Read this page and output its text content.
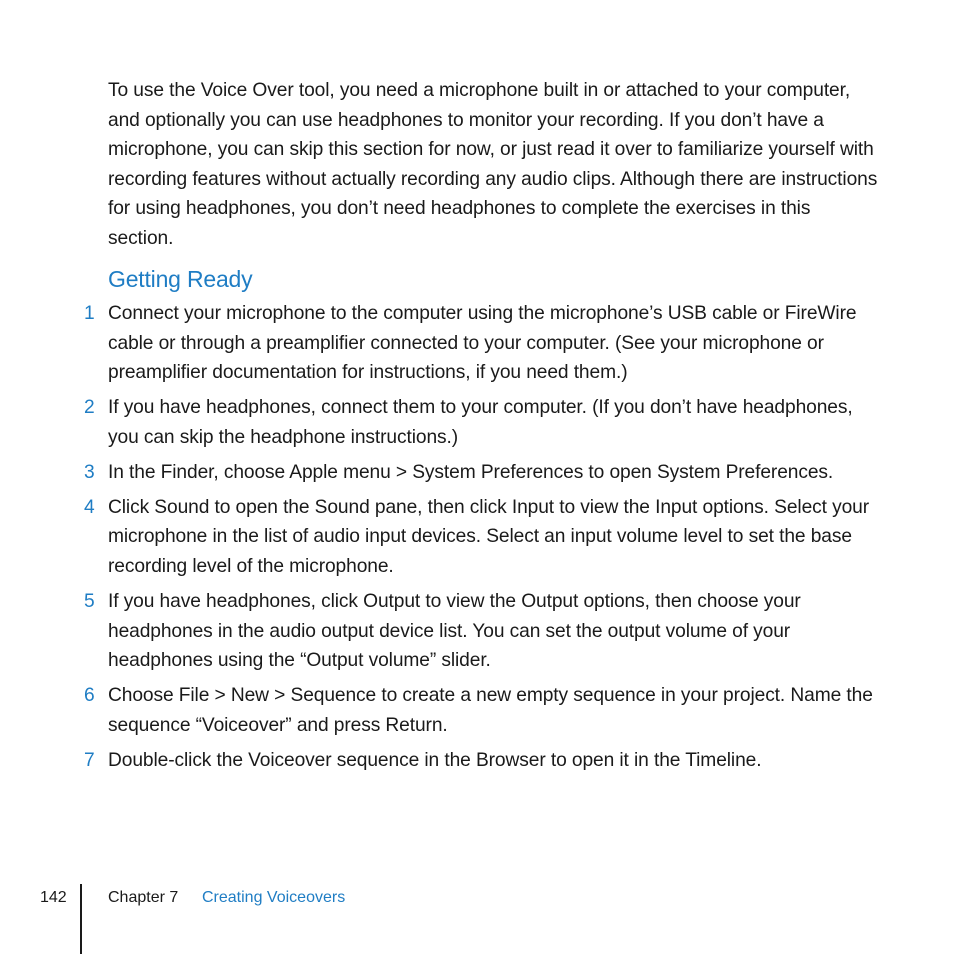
To use the Voice Over tool, you need a microphone built in or attached to your computer, and optionally you can use headphones to monitor your recording. If you don’t have a microphone, you can skip this section for now, or just read it over to familiarize yourself with recording features without actually recording any audio clips. Although there are instructions for using headphones, you don’t need headphones to complete the exercises in this section.

Getting Ready
1 Connect your microphone to the computer using the microphone’s USB cable or FireWire cable or through a preamplifier connected to your computer. (See your microphone or preamplifier documentation for instructions, if you need them.)
2 If you have headphones, connect them to your computer. (If you don’t have headphones, you can skip the headphone instructions.)
3 In the Finder, choose Apple menu > System Preferences to open System Preferences.
4 Click Sound to open the Sound pane, then click Input to view the Input options. Select your microphone in the list of audio input devices. Select an input volume level to set the base recording level of the microphone.
5 If you have headphones, click Output to view the Output options, then choose your headphones in the audio output device list. You can set the output volume of your headphones using the “Output volume” slider.
6 Choose File > New > Sequence to create a new empty sequence in your project. Name the sequence “Voiceover” and press Return.
7 Double-click the Voiceover sequence in the Browser to open it in the Timeline.
142	Chapter 7 Creating Voiceovers
